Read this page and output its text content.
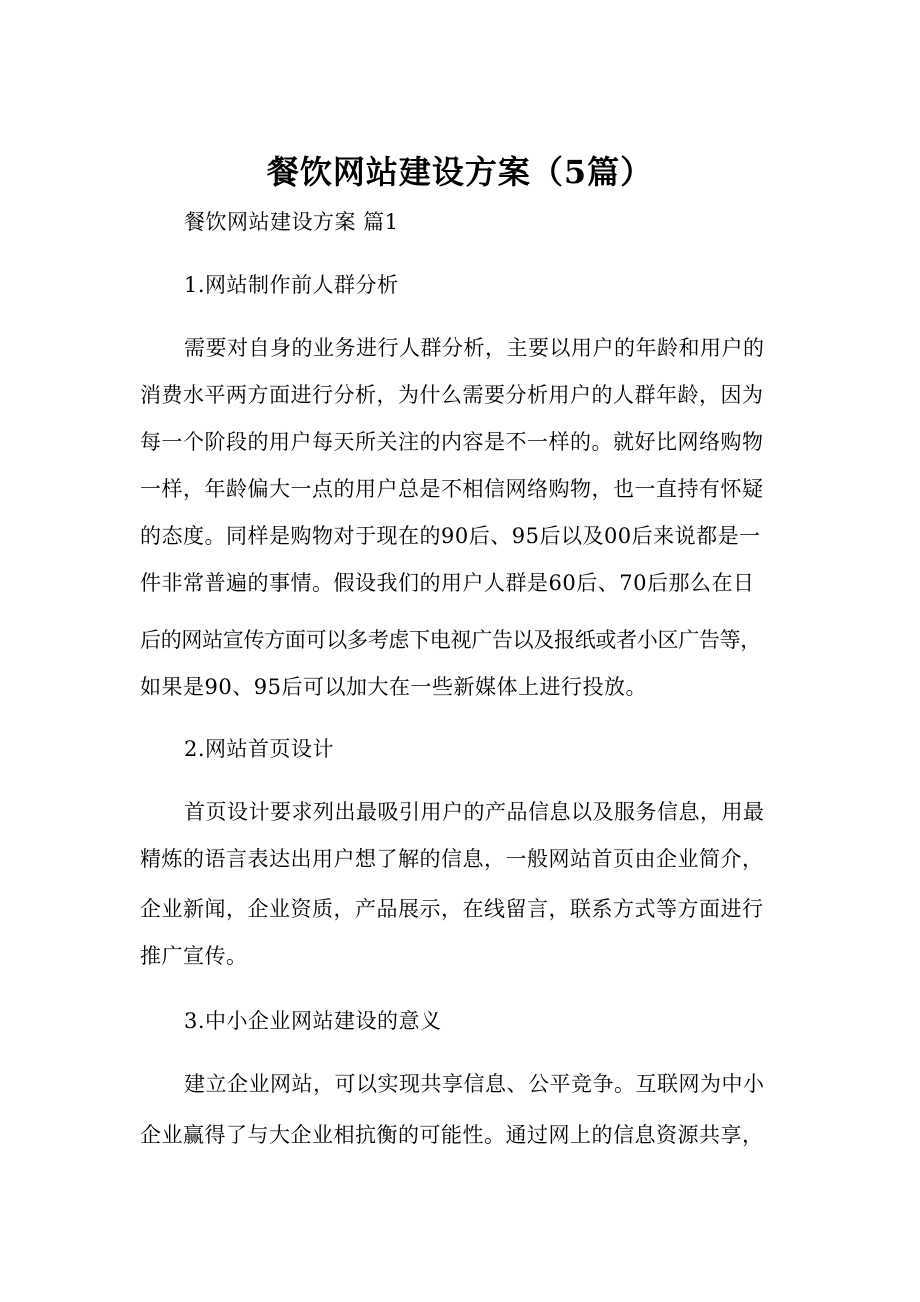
餐饮网站建设方案（5篇）
餐饮网站建设方案 篇1
1.网站制作前人群分析
需要对自身的业务进行人群分析，主要以用户的年龄和用户的
消费水平两方面进行分析，为什么需要分析用户的人群年龄，因为
每一个阶段的用户每天所关注的内容是不一样的。就好比网络购物
一样，年龄偏大一点的用户总是不相信网络购物，也一直持有怀疑
的态度。同样是购物对于现在的90后、95后以及00后来说都是一
件非常普遍的事情。假设我们的用户人群是60后、70后那么在日
后的网站宣传方面可以多考虑下电视广告以及报纸或者小区广告等，
如果是90、95后可以加大在一些新媒体上进行投放。
2.网站首页设计
首页设计要求列出最吸引用户的产品信息以及服务信息，用最
精炼的语言表达出用户想了解的信息，一般网站首页由企业简介，
企业新闻，企业资质，产品展示，在线留言，联系方式等方面进行
推广宣传。
3.中小企业网站建设的意义
建立企业网站，可以实现共享信息、公平竞争。互联网为中小
企业赢得了与大企业相抗衡的可能性。通过网上的信息资源共享，
